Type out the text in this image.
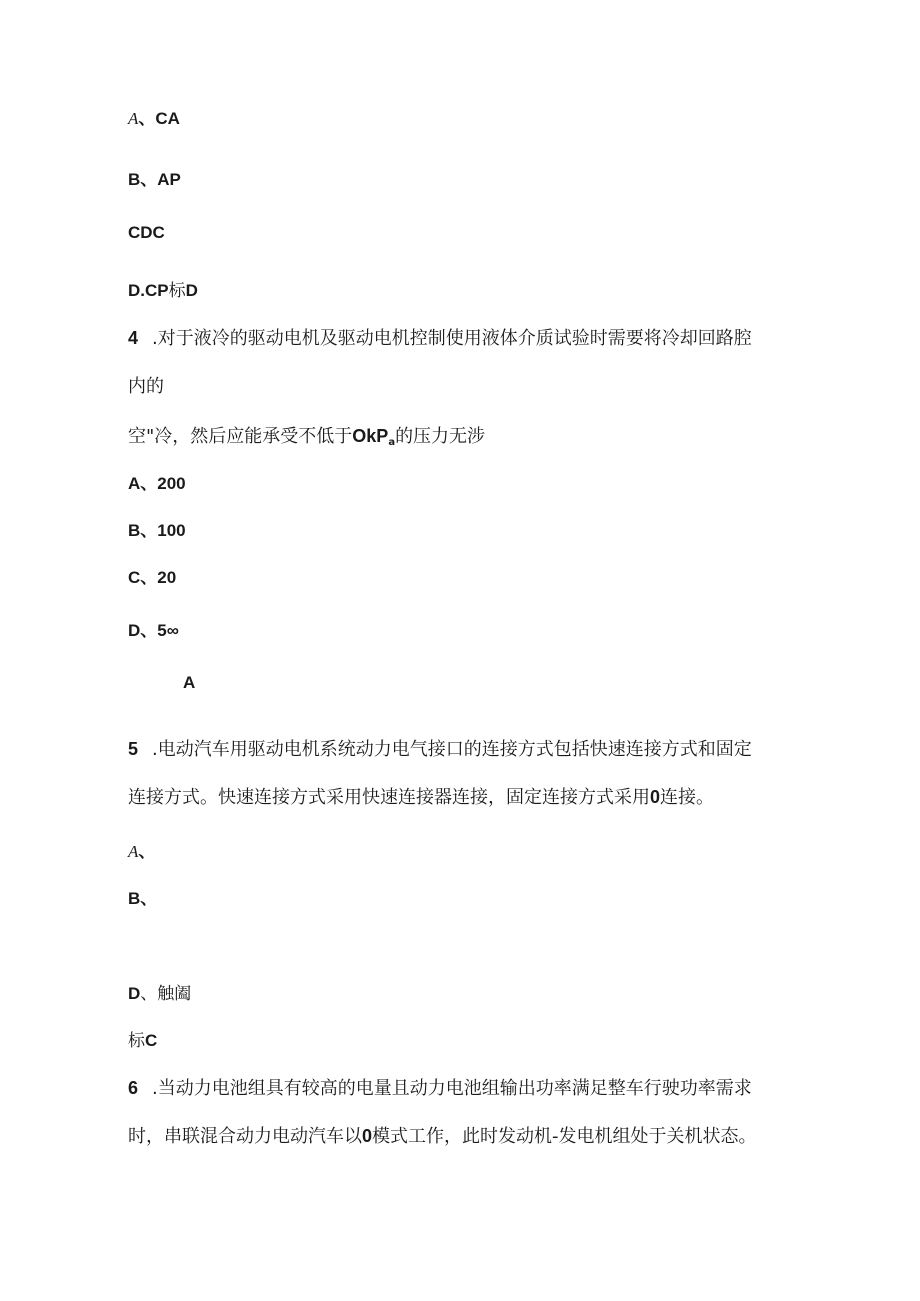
A、CA
B、AP
CDC
D.CP标D
4 .对于液冷的驱动电机及驱动电机控制使用液体介质试验时需要将冷却回路腔
内的
空"冷，然后应能承受不低于OkP$_a$的压力无涉
A、200
B、100
C、20
D、5∞
A
5 .电动汽车用驱动电机系统动力电气接口的连接方式包括快速连接方式和固定
连接方式。快速连接方式采用快速连接器连接，固定连接方式采用0连接。
A、
B、
D、触阖
标C
6 .当动力电池组具有较高的电量且动力电池组输出功率满足整车行驶功率需求
时，串联混合动力电动汽车以0模式工作，此时发动机-发电机组处于关机状态。
